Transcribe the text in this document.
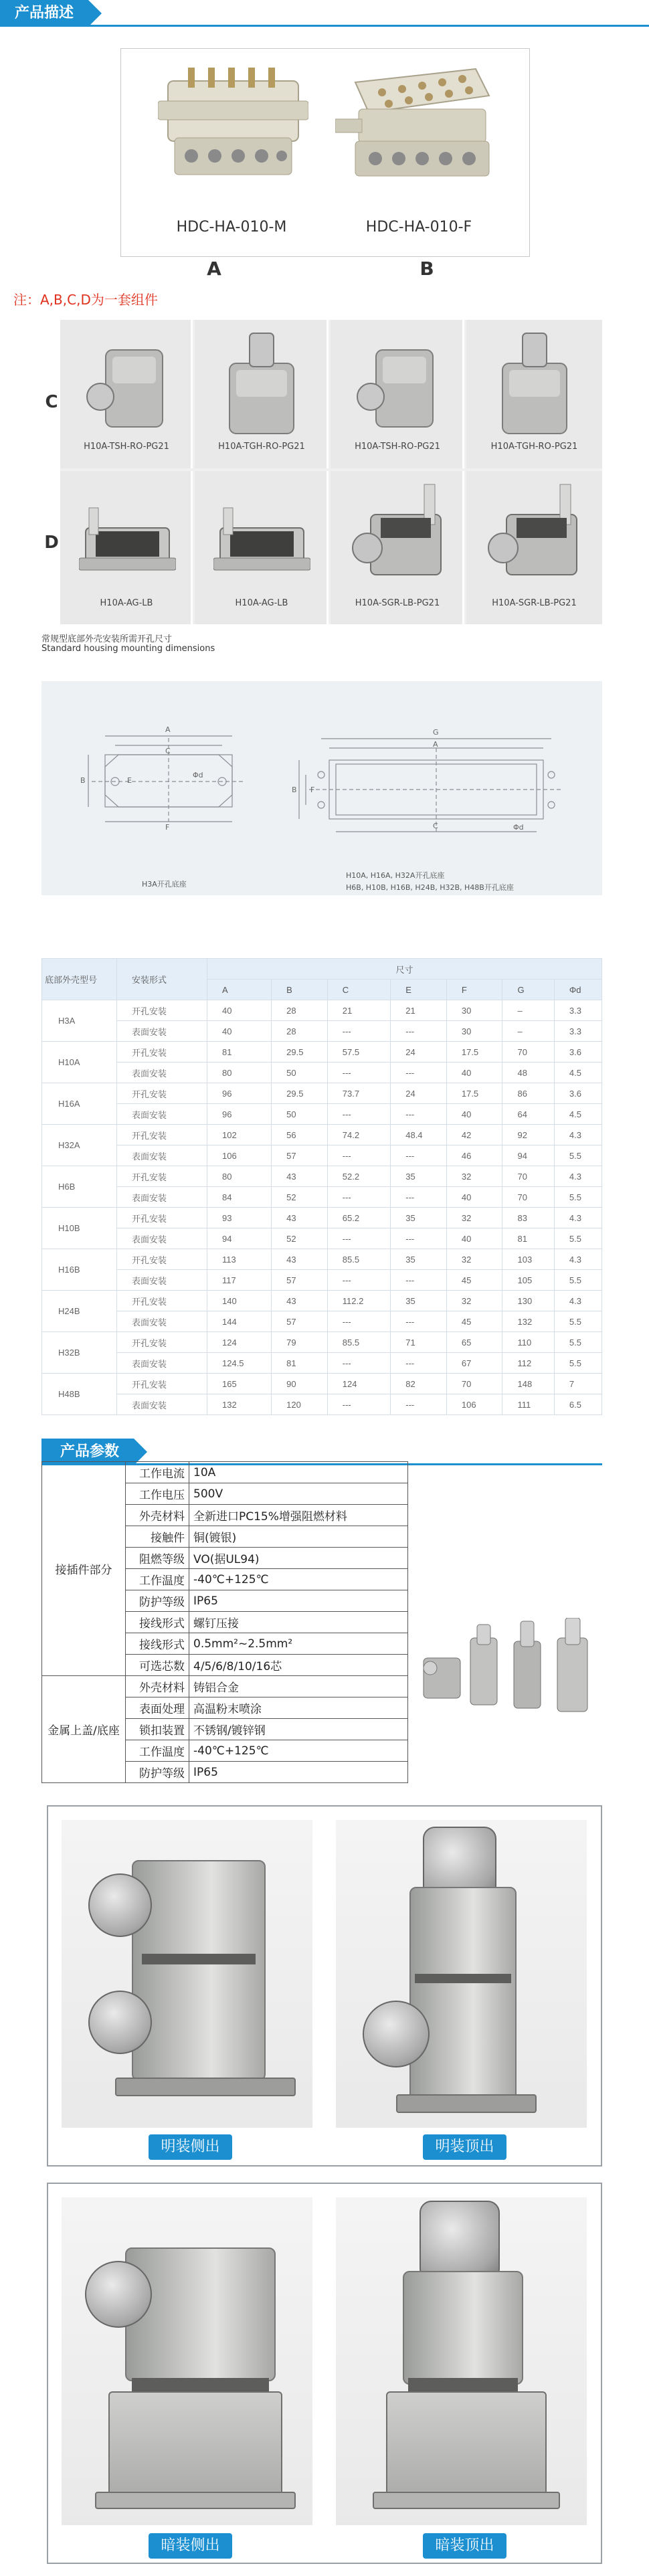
产品描述
HDC-HA-010-M	HDC-HA-010-F
A	B
注：A,B,C,D为一套组件
C
D
H10A-TSH-RO-PG21	H10A-TGH-RO-PG21	H10A-TSH-RO-PG21	H10A-TGH-RO-PG21
H10A-AG-LB	H10A-AG-LB	H10A-SGR-LB-PG21	H10A-SGR-LB-PG21
常规型底部外壳安装所需开孔尺寸
Standard housing mounting dimensions
A
C
B	E
Φd
F
G
A
B F
C	Φd
H3A开孔底座
H10A, H16A, H32A开孔底座
H6B, H10B, H16B, H24B, H32B, H48B开孔底座
底部外壳型号	安装形式	尺寸						
		A	B	C	E	F	G	Φd
H3A	开孔安装	40	28	21	21	30	–	3.3
	表面安装	40	28	---	---	30	–	3.3
H10A	开孔安装	81	29.5	57.5	24	17.5	70	3.6
	表面安装	80	50	---	---	40	48	4.5
H16A	开孔安装	96	29.5	73.7	24	17.5	86	3.6
	表面安装	96	50	---	---	40	64	4.5
H32A	开孔安装	102	56	74.2	48.4	42	92	4.3
	表面安装	106	57	---	---	46	94	5.5
H6B	开孔安装	80	43	52.2	35	32	70	4.3
	表面安装	84	52	---	---	40	70	5.5
H10B	开孔安装	93	43	65.2	35	32	83	4.3
	表面安装	94	52	---	---	40	81	5.5
H16B	开孔安装	113	43	85.5	35	32	103	4.3
	表面安装	117	57	---	---	45	105	5.5
H24B	开孔安装	140	43	112.2	35	32	130	4.3
	表面安装	144	57	---	---	45	132	5.5
H32B	开孔安装	124	79	85.5	71	65	110	5.5
	表面安装	124.5	81	---	---	67	112	5.5
H48B	开孔安装	165	90	124	82	70	148	7
	表面安装	132	120	---	---	106	111	6.5
产品参数
接插件部分	工作电流	10A
	工作电压	500V
	外壳材料	全新进口PC15%增强阻燃材料
	接触件	铜(镀银)
	阻燃等级	VO(据UL94)
	工作温度	-40℃+125℃
	防护等级	IP65
	接线形式	螺钉压接
	接线形式	0.5mm²~2.5mm²
	可选芯数	4/5/6/8/10/16芯
金属上盖/底座	外壳材料	铸铝合金
	表面处理	高温粉末喷涂
	锁扣装置	不锈钢/镀锌钢
	工作温度	-40℃+125℃
	防护等级	IP65
明装侧出	明装顶出
暗装侧出	暗装顶出
